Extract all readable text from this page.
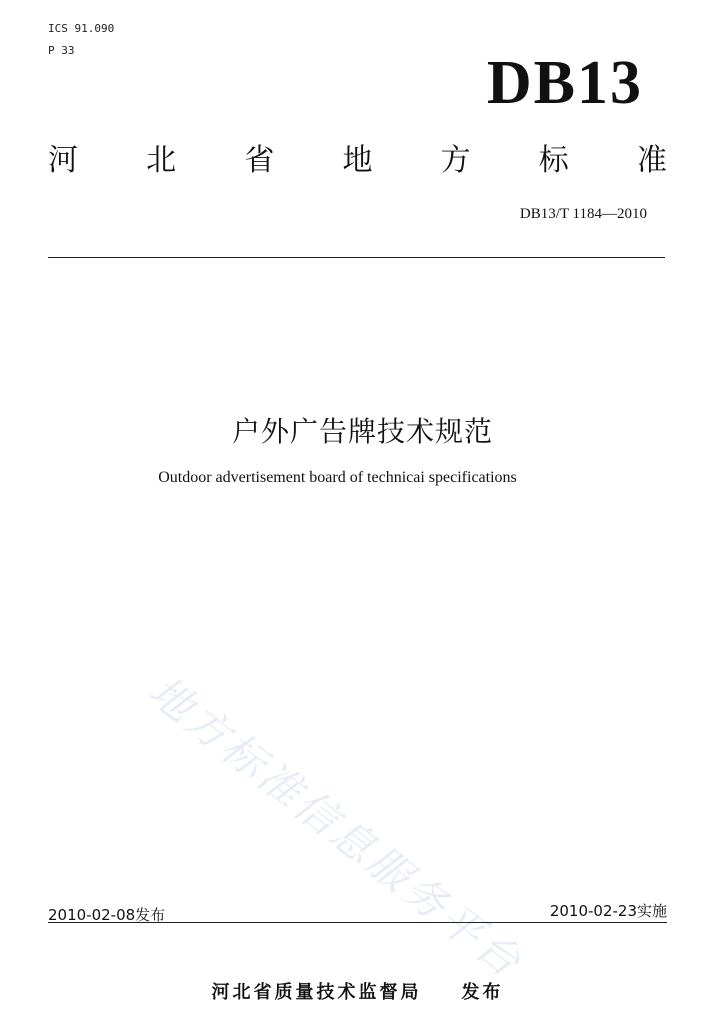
ICS 91.090
P 33	DB13
河 北 省 地 方 标 准
DB13/T 1184—2010
户外广告牌技术规范
Outdoor advertisement board of technicai specifications
地方标准信息服务平台
2010-02-08发布	2010-02-23实施
河北省质量技术监督局 发布
